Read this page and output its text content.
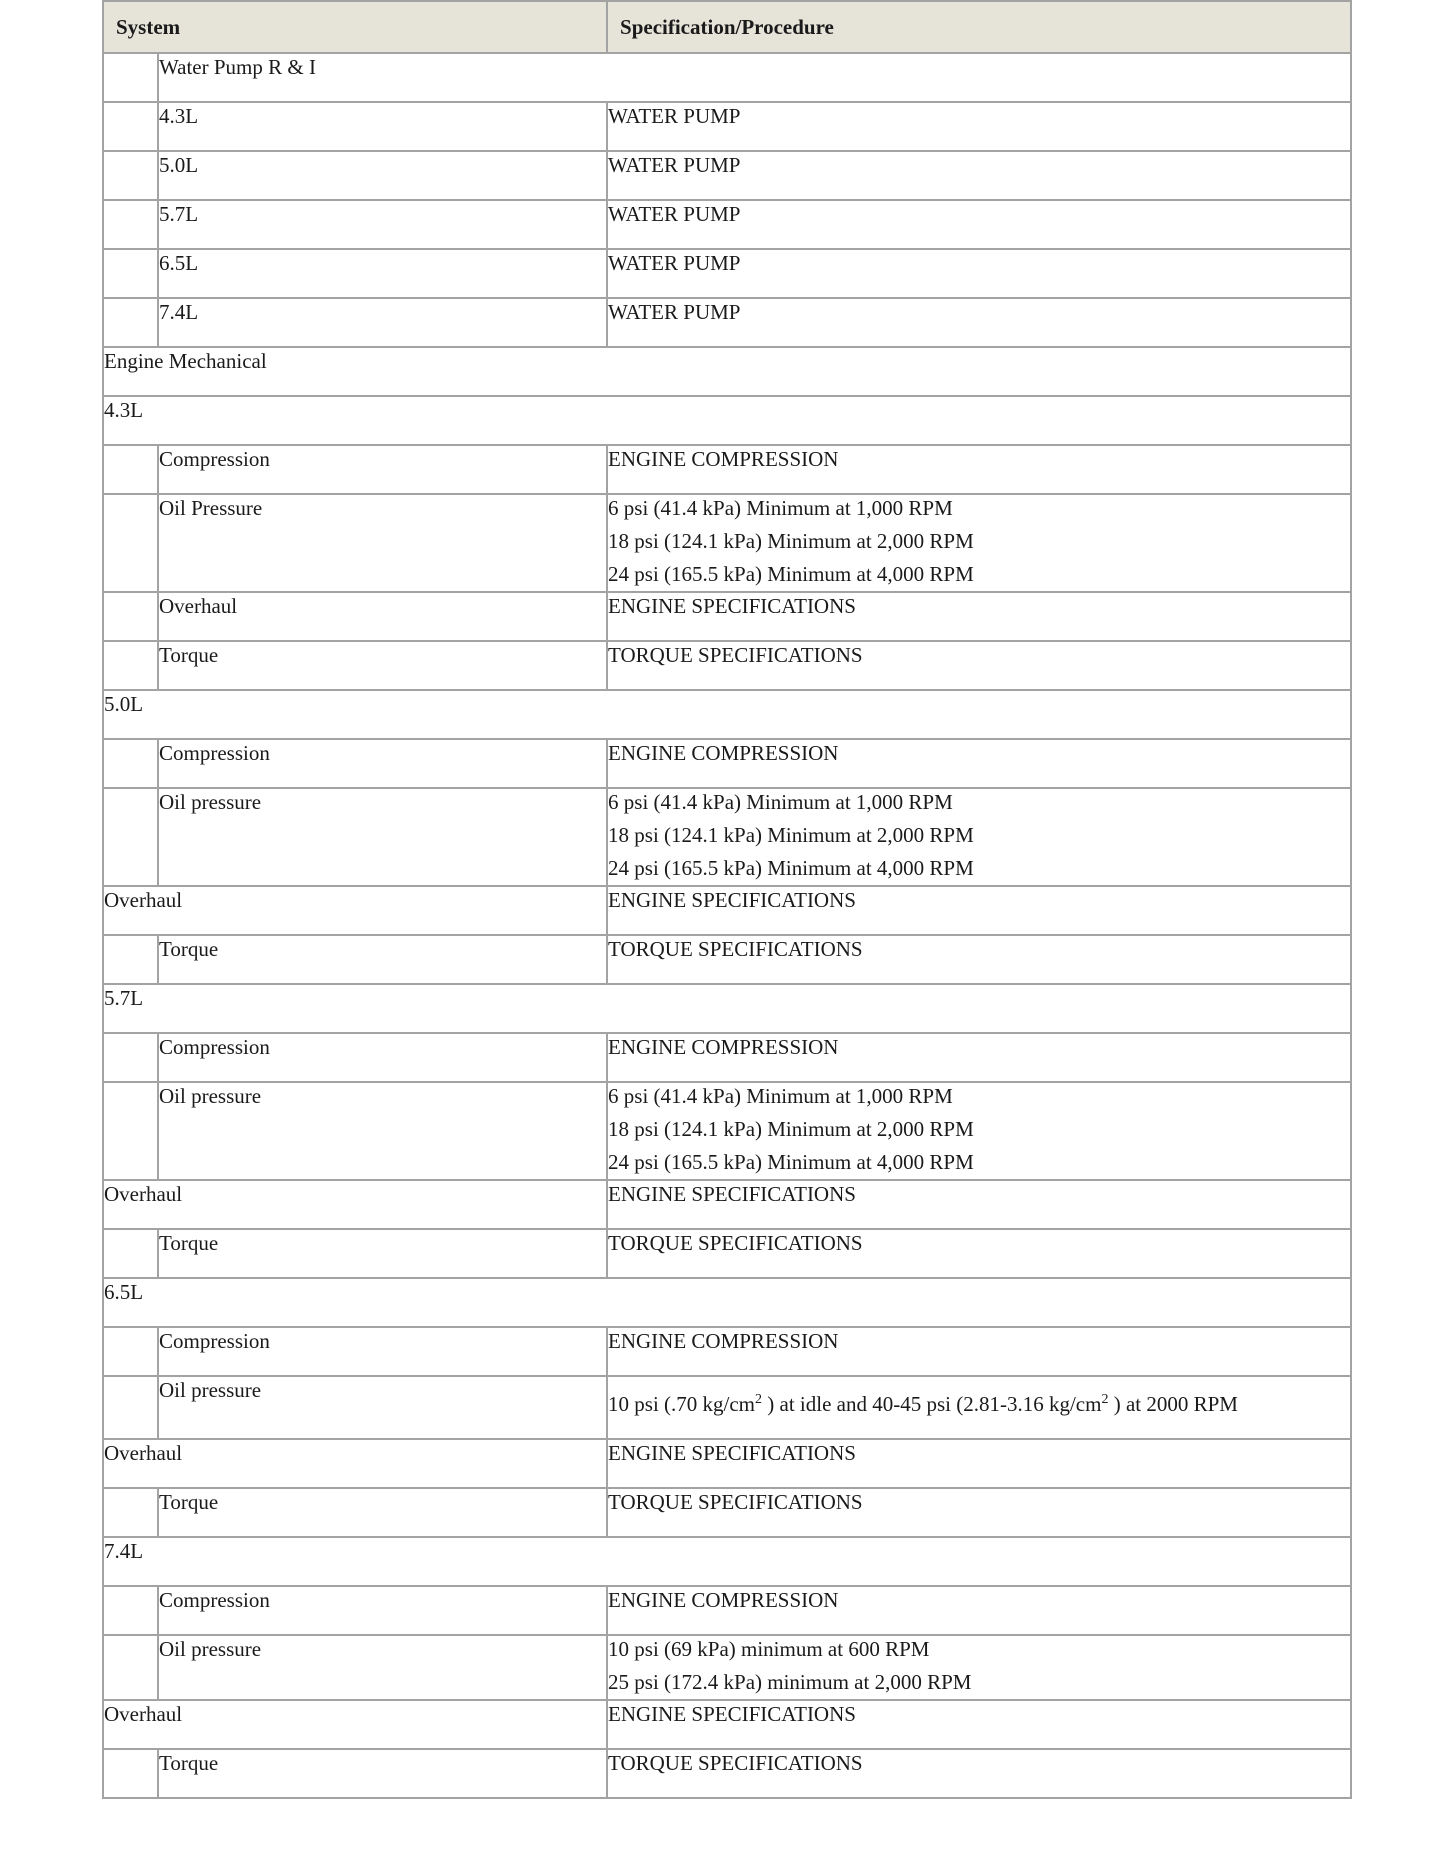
System		Specification/Procedure
	Water Pump R & I	
	4.3L	WATER PUMP
	5.0L	WATER PUMP
	5.7L	WATER PUMP
	6.5L	WATER PUMP
	7.4L	WATER PUMP
Engine Mechanical		
4.3L		
	Compression	ENGINE COMPRESSION
	Oil Pressure	6 psi (41.4 kPa) Minimum at 1,000 RPM
18 psi (124.1 kPa) Minimum at 2,000 RPM
24 psi (165.5 kPa) Minimum at 4,000 RPM

	Overhaul	ENGINE SPECIFICATIONS
	Torque	TORQUE SPECIFICATIONS
5.0L		
	Compression	ENGINE COMPRESSION
	Oil pressure	6 psi (41.4 kPa) Minimum at 1,000 RPM
18 psi (124.1 kPa) Minimum at 2,000 RPM
24 psi (165.5 kPa) Minimum at 4,000 RPM

Overhaul		ENGINE SPECIFICATIONS
	Torque	TORQUE SPECIFICATIONS
5.7L		
	Compression	ENGINE COMPRESSION
	Oil pressure	6 psi (41.4 kPa) Minimum at 1,000 RPM
18 psi (124.1 kPa) Minimum at 2,000 RPM
24 psi (165.5 kPa) Minimum at 4,000 RPM

Overhaul		ENGINE SPECIFICATIONS
	Torque	TORQUE SPECIFICATIONS
6.5L		
	Compression	ENGINE COMPRESSION
	Oil pressure	10 psi (.70 $kg/cm^2$ ) at idle and 40-45 psi (2.81-3.16 $kg/cm^2$ ) at 2000 RPM
Overhaul		ENGINE SPECIFICATIONS
	Torque	TORQUE SPECIFICATIONS
7.4L		
	Compression	ENGINE COMPRESSION
	Oil pressure	10 psi (69 kPa) minimum at 600 RPM
25 psi (172.4 kPa) minimum at 2,000 RPM

Overhaul		ENGINE SPECIFICATIONS
	Torque	TORQUE SPECIFICATIONS
